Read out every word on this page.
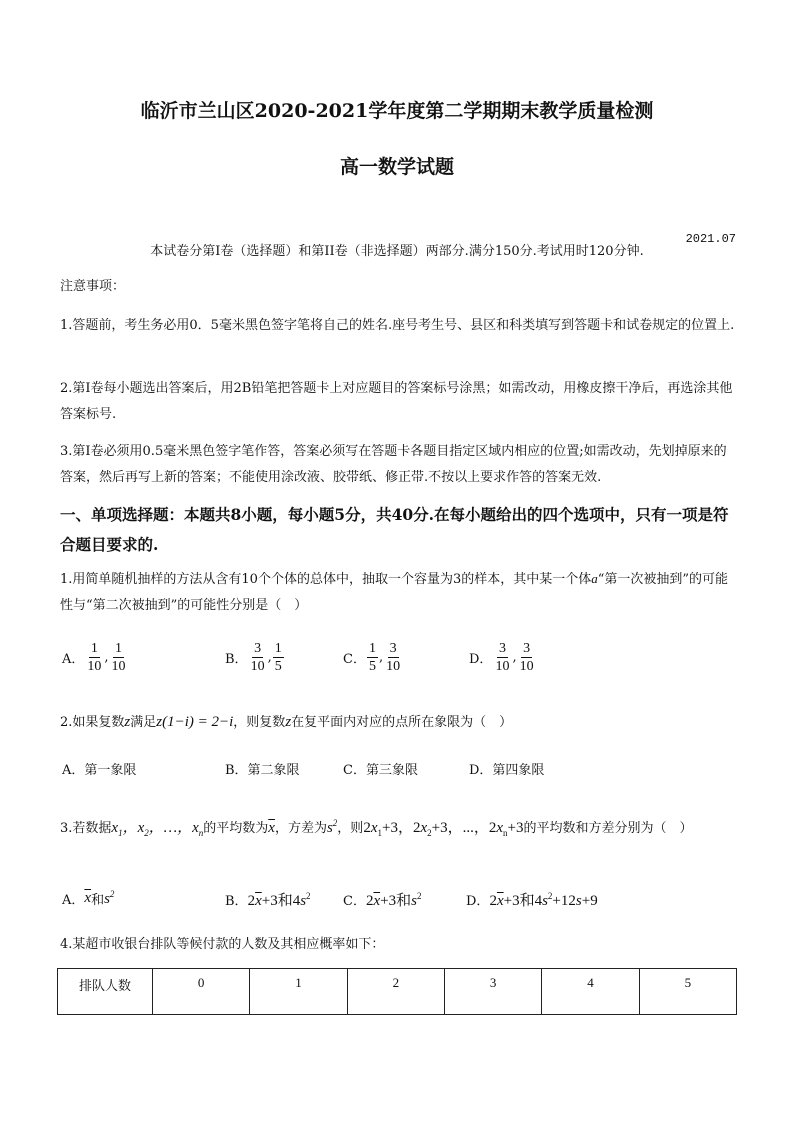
临沂市兰山区2020-2021学年度第二学期期末教学质量检测
高一数学试题
2021.07
本试卷分第Ⅰ卷（选择题）和第II卷（非选择题）两部分.满分150分.考试用时120分钟.
注意事项：
1.答题前，考生务必用0．5毫米黑色签字笔将自己的姓名.座号考生号、县区和科类填写到答题卡和试卷规定的位置上.
2.第Ⅰ卷每小题选出答案后，用2B铅笔把答题卡上对应题目的答案标号涂黑；如需改动，用橡皮擦干净后，再选涂其他答案标号.
3.第Ⅰ卷必须用0.5毫米黑色签字笔作答，答案必须写在答题卡各题目指定区域内相应的位置;如需改动，先划掉原来的答案，然后再写上新的答案；不能使用涂改液、胶带纸、修正带.不按以上要求作答的答案无效.
一、单项选择题：本题共8小题，每小题5分，共40分.在每小题给出的四个选项中，只有一项是符合题目要求的.
1.用简单随机抽样的方法从含有10个个体的总体中，抽取一个容量为3的样本，其中某一个体a“第一次被抽到”的可能性与“第二次被抽到”的可能性分别是（　）
A． $\frac{1}{10}$ , $\frac{1}{10}$	B． $\frac{3}{10}$ , $\frac{1}{5}$	C． $\frac{1}{5}$ , $\frac{3}{10}$	D． $\frac{3}{10}$ , $\frac{3}{10}$
2.如果复数z满足z(1−i) = 2−i，则复数z在复平面内对应的点所在象限为（　）
A．第一象限	B．第二象限	C．第三象限	D．第四象限
3.若数据$x_1$，$x_2$，…，$x_n$的平均数为$\overline{x}$，方差为$s^2$，则$2x_1+3$，$2x_2+3$，...，$2x_n+3$的平均数和方差分别为（　）
A． $\overline{x}$ 和 $s^2$	B． $2\overline{x}+3$和$4s^2$ C． $2\overline{x}+3$和$s^2$	D． $2\overline{x}+3$和$4s^2+12s+9$
4.某超市收银台排队等候付款的人数及其相应概率如下：
排队人数	0	1	2	3	4	5
